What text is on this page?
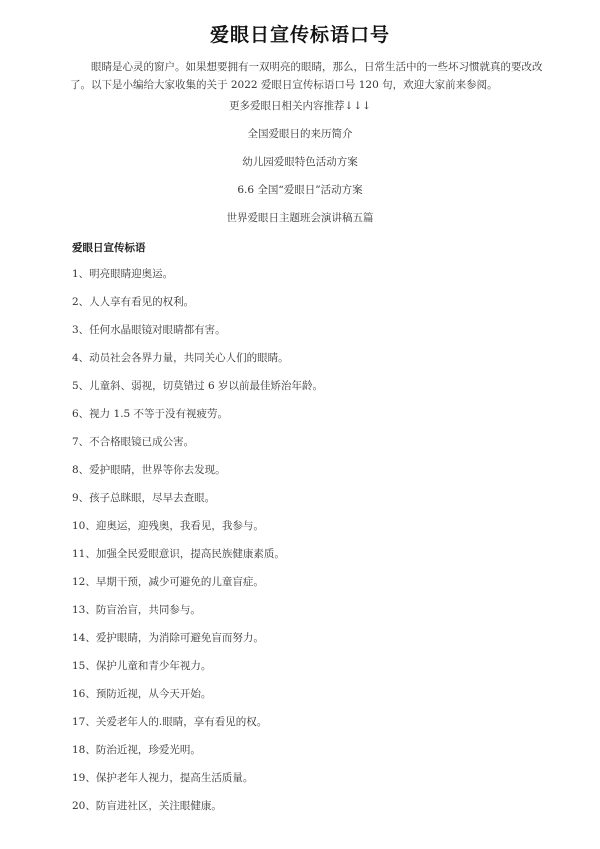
爱眼日宣传标语口号

眼睛是心灵的窗户。如果想要拥有一双明亮的眼睛，那么，日常生活中的一些坏习惯就真的要改改了。以下是小编给大家收集的关于 2022 爱眼日宣传标语口号 120 句，欢迎大家前来参阅。

更多爱眼日相关内容推荐↓↓↓
全国爱眼日的来历简介
幼儿园爱眼特色活动方案
6.6 全国“爱眼日”活动方案
世界爱眼日主题班会演讲稿五篇
爱眼日宣传标语
1、明亮眼睛迎奥运。
2、人人享有看见的权利。
3、任何水晶眼镜对眼睛都有害。
4、动员社会各界力量，共同关心人们的眼睛。
5、儿童斜、弱视，切莫错过 6 岁以前最佳矫治年龄。
6、视力 1.5 不等于没有视疲劳。
7、不合格眼镜已成公害。
8、爱护眼睛，世界等你去发现。
9、孩子总眯眼，尽早去查眼。
10、迎奥运，迎残奥，我看见，我参与。
11、加强全民爱眼意识，提高民族健康素质。
12、早期干预，减少可避免的儿童盲症。
13、防盲治盲，共同参与。
14、爱护眼睛，为消除可避免盲而努力。
15、保护儿童和青少年视力。
16、预防近视，从今天开始。
17、关爱老年人的.眼睛，享有看见的权。
18、防治近视，珍爱光明。
19、保护老年人视力，提高生活质量。
20、防盲进社区，关注眼健康。
